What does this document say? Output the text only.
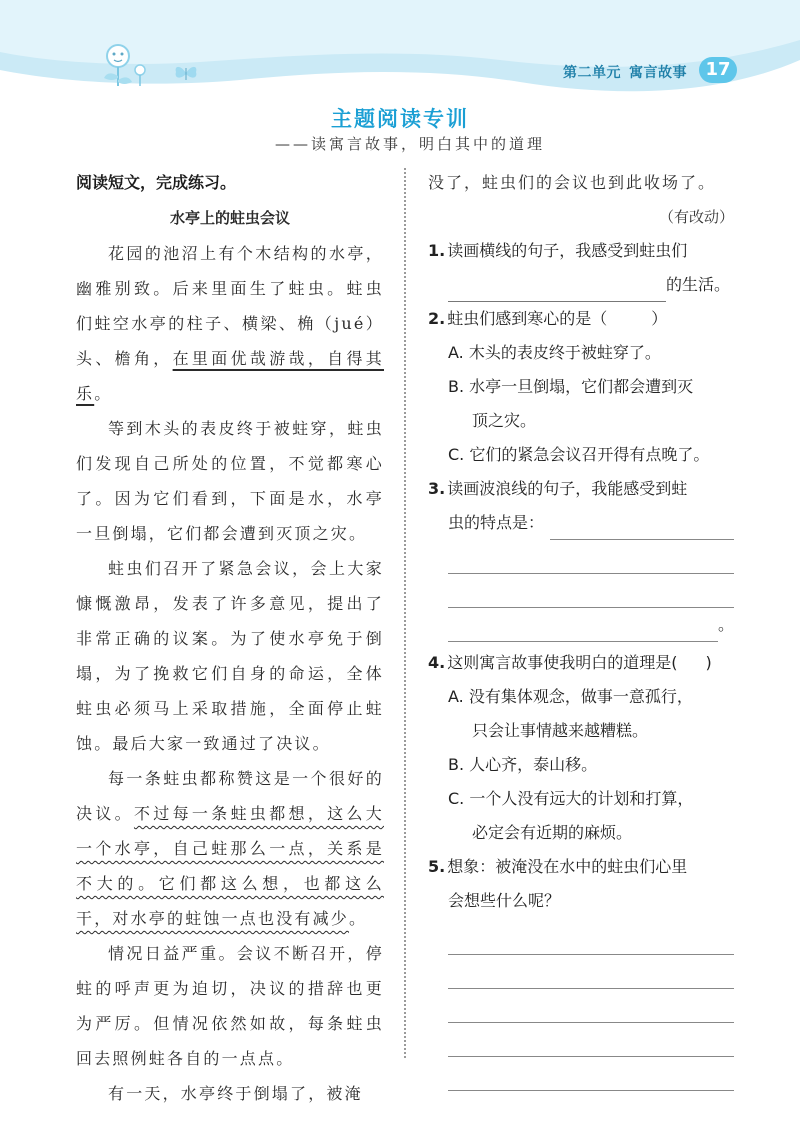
第二单元 寓言故事	17
主题阅读专训
——读寓言故事，明白其中的道理
阅读短文，完成练习。
水亭上的蛀虫会议

花园的池沼上有个木结构的水亭，幽雅别致。后来里面生了蛀虫。蛀虫们蛀空水亭的柱子、横梁、桷（jué）头、檐角，在里面优哉游哉，自得其乐。

等到木头的表皮终于被蛀穿，蛀虫们发现自己所处的位置，不觉都寒心了。因为它们看到，下面是水，水亭一旦倒塌，它们都会遭到灭顶之灾。

蛀虫们召开了紧急会议，会上大家慷慨激昂，发表了许多意见，提出了非常正确的议案。为了使水亭免于倒塌，为了挽救它们自身的命运，全体蛀虫必须马上采取措施，全面停止蛀蚀。最后大家一致通过了决议。

每一条蛀虫都称赞这是一个很好的决议。不过每一条蛀虫都想，这么大一个水亭，自己蛀那么一点，关系是不大的。它们都这么想，也都这么干，对水亭的蛀蚀一点也没有减少。

情况日益严重。会议不断召开，停蛀的呼声更为迫切，决议的措辞也更为严厉。但情况依然如故，每条蛀虫回去照例蛀各自的一点点。

有一天，水亭终于倒塌了，被淹

没了，蛀虫们的会议也到此收场了。
（有改动）
1. 读画横线的句子，我感受到蛀虫们
的生活。
2. 蛀虫们感到寒心的是（	）
A. 木头的表皮终于被蛀穿了。
B. 水亭一旦倒塌，它们都会遭到灭
顶之灾。
C. 它们的紧急会议召开得有点晚了。
3. 读画波浪线的句子，我能感受到蛀
虫的特点是：
。
4. 这则寓言故事使我明白的道理是( )
A. 没有集体观念，做事一意孤行，
只会让事情越来越糟糕。
B. 人心齐，泰山移。
C. 一个人没有远大的计划和打算，
必定会有近期的麻烦。
5. 想象：被淹没在水中的蛀虫们心里
会想些什么呢？
